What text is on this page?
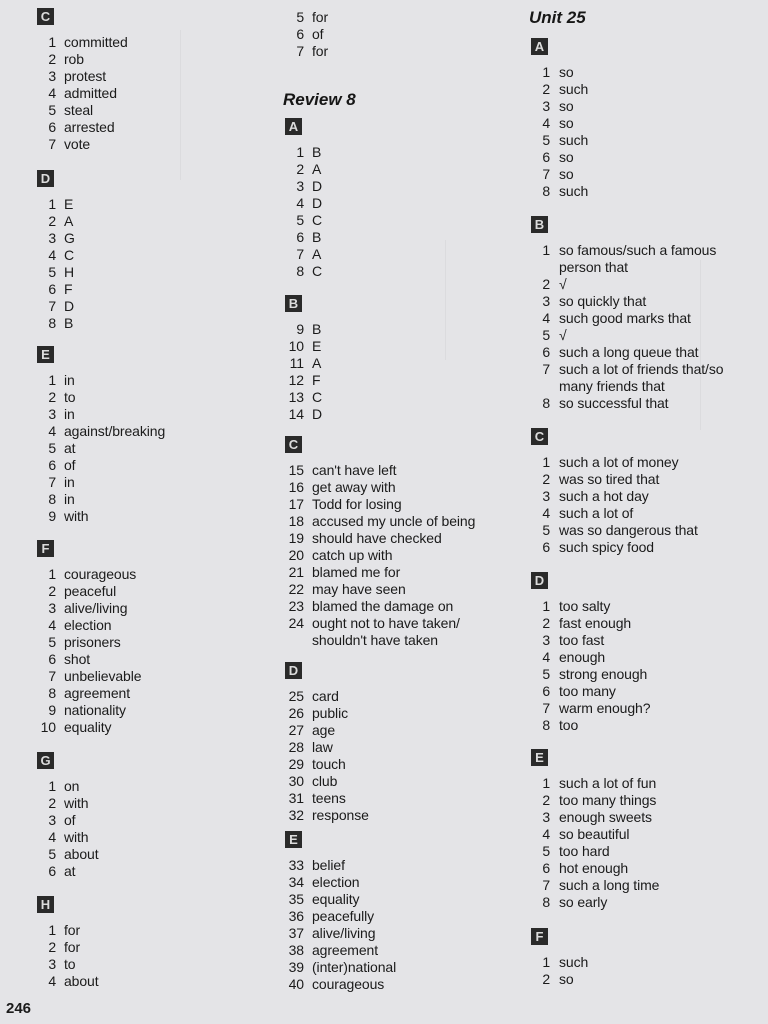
C
1 committed
2 rob
3 protest
4 admitted
5 steal
6 arrested
7 vote
D
1 E
2 A
3 G
4 C
5 H
6 F
7 D
8 B
E
1 in
2 to
3 in
4 against/breaking
5 at
6 of
7 in
8 in
9 with
F
1 courageous
2 peaceful
3 alive/living
4 election
5 prisoners
6 shot
7 unbelievable
8 agreement
9 nationality
10 equality
G
1 on
2 with
3 of
4 with
5 about
6 at
H
1 for
2 for
3 to
4 about
5 for
6 of
7 for
Review 8
A
1 B
2 A
3 D
4 D
5 C
6 B
7 A
8 C
B
9 B
10 E
11 A
12 F
13 C
14 D
C
15 can't have left
16 get away with
17 Todd for losing
18 accused my uncle of being
19 should have checked
20 catch up with
21 blamed me for
22 may have seen
23 blamed the damage on
24 ought not to have taken/
shouldn't have taken
D
25 card
26 public
27 age
28 law
29 touch
30 club
31 teens
32 response
E
33 belief
34 election
35 equality
36 peacefully
37 alive/living
38 agreement
39 (inter)national
40 courageous
Unit 25
A
1 so
2 such
3 so
4 so
5 such
6 so
7 so
8 such
B
1 so famous/such a famous
person that
2 √
3 so quickly that
4 such good marks that
5 √
6 such a long queue that
7 such a lot of friends that/so
many friends that
8 so successful that
C
1 such a lot of money
2 was so tired that
3 such a hot day
4 such a lot of
5 was so dangerous that
6 such spicy food
D
1 too salty
2 fast enough
3 too fast
4 enough
5 strong enough
6 too many
7 warm enough?
8 too
E
1 such a lot of fun
2 too many things
3 enough sweets
4 so beautiful
5 too hard
6 hot enough
7 such a long time
8 so early
F
1 such
2 so
246
